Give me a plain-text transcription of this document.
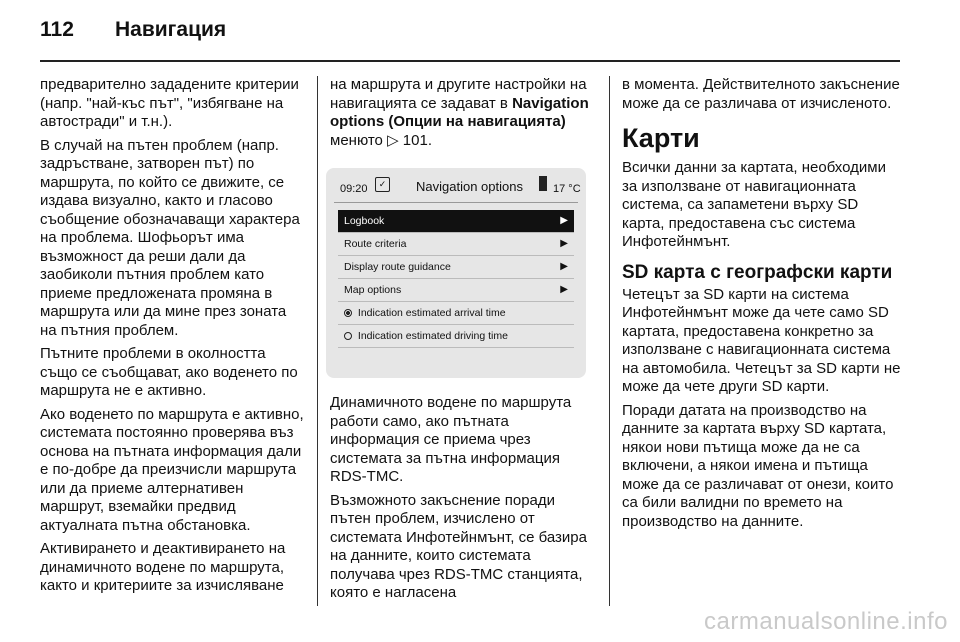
112	Навигация

предварително зададените критерии (напр. "най-къс път", "избягване на автостради" и т.н.).

В случай на пътен проблем (напр. задръстване, затворен път) по маршрута, по който се движите, се издава визуално, както и гласово съобщение обозначаващи характера на проблема. Шофьорът има възможност да реши дали да заобиколи пътния проблем като приеме предложената промяна в маршрута или да мине през зоната на пътния проблем.

Пътните проблеми в околността също се съобщават, ако воденето по маршрута не е активно.

Ако воденето по маршрута е активно, системата постоянно проверява въз основа на пътната информация дали е по-добре да преизчисли маршрута или да приеме алтернативен маршрут, вземайки предвид актуалната пътна обстановка.

Активирането и деактивирането на динамичното водене по маршрута, както и критериите за изчисляване

на маршрута и другите настройки на навигацията се задават в Navigation options (Опции на навигацията) менюто ▷ 101.

09:20	✓ Navigation options	17 °C
Logbook	▶
Route criteria	▶
Display route guidance	▶
Map options	▶
Indication estimated arrival time
Indication estimated driving time

Динамичното водене по маршрута работи само, ако пътната информация се приема чрез системата за пътна информация RDS-TMC.

Възможното закъснение поради пътен проблем, изчислено от системата Инфотейнмънт, се базира на данните, които системата получава чрез RDS-TMC станцията, която е нагласена

в момента. Действителното закъснение може да се различава от изчисленото.

Карти

Всички данни за картата, необходими за използване от навигационната система, са запаметени върху SD карта, предоставена със система Инфотейнмънт.

SD карта с географски карти

Четецът за SD карти на система Инфотейнмънт може да чете само SD картата, предоставена конкретно за използване с навигационната система на автомобила. Четецът за SD карти не може да чете други SD карти.

Поради датата на производство на данните за картата върху SD картата, някои нови пътища може да не са включени, а някои имена и пътища може да се различават от онези, които са били валидни по времето на производство на данните.

carmanualsonline.info
